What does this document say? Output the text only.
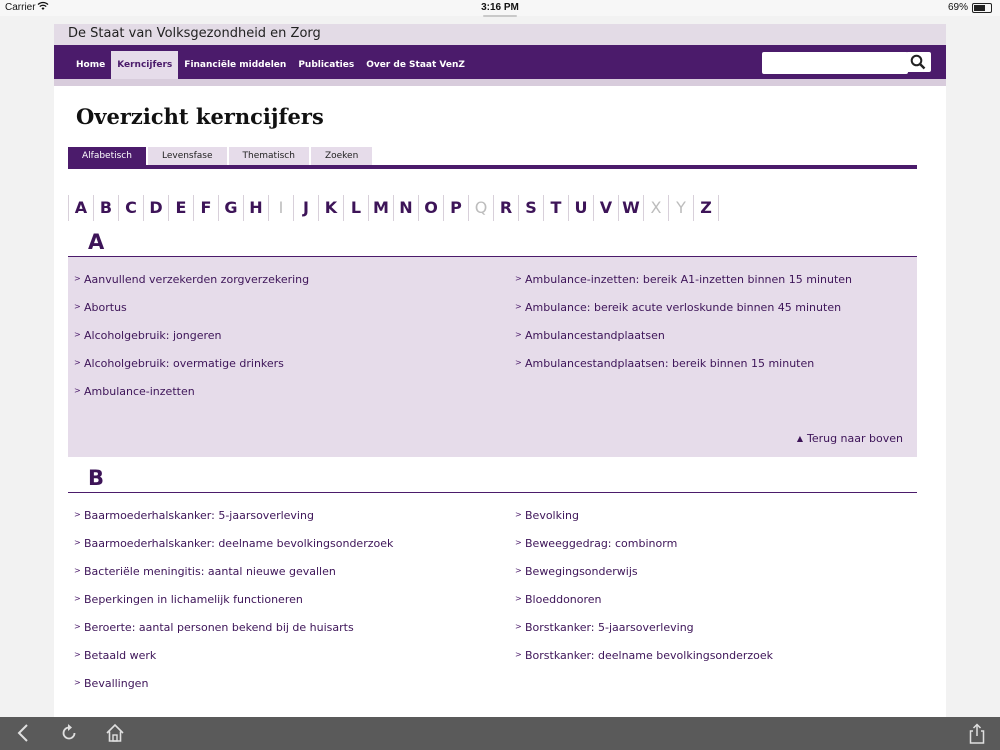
Carrier	3:16 PM	69%
De Staat van Volksgezondheid en Zorg
Home	Kerncijfers	Financiële middelen	Publicaties	Over de Staat VenZ
Overzicht kerncijfers
Alfabetisch	Levensfase	Thematisch	Zoeken
A B C D E F G H I	J K L M N O P Q R S T U V W X Y Z
A
> Aanvullend verzekerden zorgverzekering
> Abortus
> Alcoholgebruik: jongeren
> Alcoholgebruik: overmatige drinkers
> Ambulance-inzetten
> Ambulance-inzetten: bereik A1-inzetten binnen 15 minuten
> Ambulance: bereik acute verloskunde binnen 45 minuten
> Ambulancestandplaatsen
> Ambulancestandplaatsen: bereik binnen 15 minuten
▲ Terug naar boven
B
> Baarmoederhalskanker: 5-jaarsoverleving
> Baarmoederhalskanker: deelname bevolkingsonderzoek
> Bacteriële meningitis: aantal nieuwe gevallen
> Beperkingen in lichamelijk functioneren
> Beroerte: aantal personen bekend bij de huisarts
> Betaald werk
> Bevallingen
> Bevolking
> Beweeggedrag: combinorm
> Bewegingsonderwijs
> Bloeddonoren
> Borstkanker: 5-jaarsoverleving
> Borstkanker: deelname bevolkingsonderzoek
